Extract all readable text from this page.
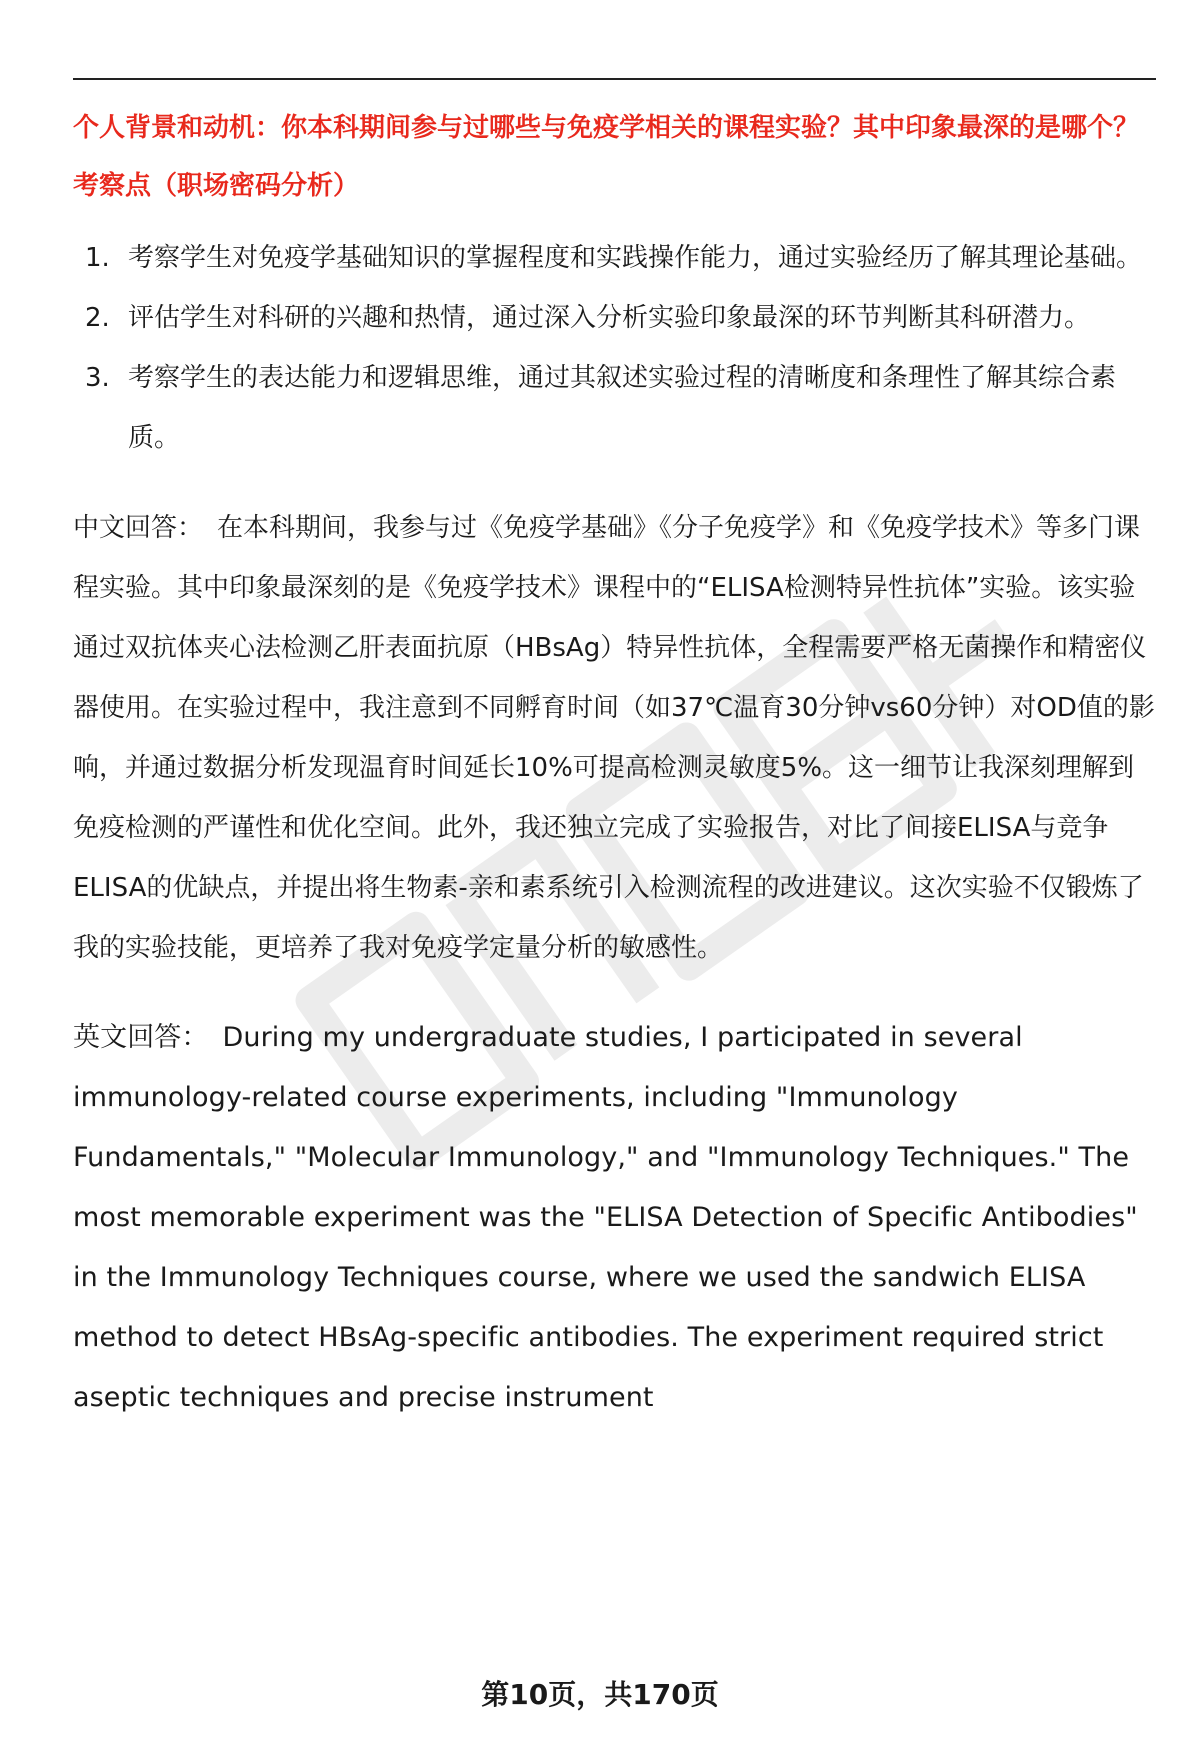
个人背景和动机：你本科期间参与过哪些与免疫学相关的课程实验？其中印象最深的是哪个？

考察点（职场密码分析）

1. 考察学生对免疫学基础知识的掌握程度和实践操作能力，通过实验经历了解其理论基础。
2. 评估学生对科研的兴趣和热情，通过深入分析实验印象最深的环节判断其科研潜力。
3. 考察学生的表达能力和逻辑思维，通过其叙述实验过程的清晰度和条理性了解其综合素质。

中文回答： 在本科期间，我参与过《免疫学基础》《分子免疫学》和《免疫学技术》等多门课程实验。其中印象最深刻的是《免疫学技术》课程中的“ELISA检测特异性抗体”实验。该实验通过双抗体夹心法检测乙肝表面抗原（HBsAg）特异性抗体，全程需要严格无菌操作和精密仪器使用。在实验过程中，我注意到不同孵育时间（如37℃温育30分钟vs60分钟）对OD值的影响，并通过数据分析发现温育时间延长10%可提高检测灵敏度5%。这一细节让我深刻理解到免疫检测的严谨性和优化空间。此外，我还独立完成了实验报告，对比了间接ELISA与竞争ELISA的优缺点，并提出将生物素-亲和素系统引入检测流程的改进建议。这次实验不仅锻炼了我的实验技能，更培养了我对免疫学定量分析的敏感性。

英文回答： During my undergraduate studies, I participated in several immunology-related course experiments, including "Immunology Fundamentals," "Molecular Immunology," and "Immunology Techniques." The most memorable experiment was the "ELISA Detection of Specific Antibodies" in the Immunology Techniques course, where we used the sandwich ELISA method to detect HBsAg-specific antibodies. The experiment required strict aseptic techniques and precise instrument

第10页，共170页
